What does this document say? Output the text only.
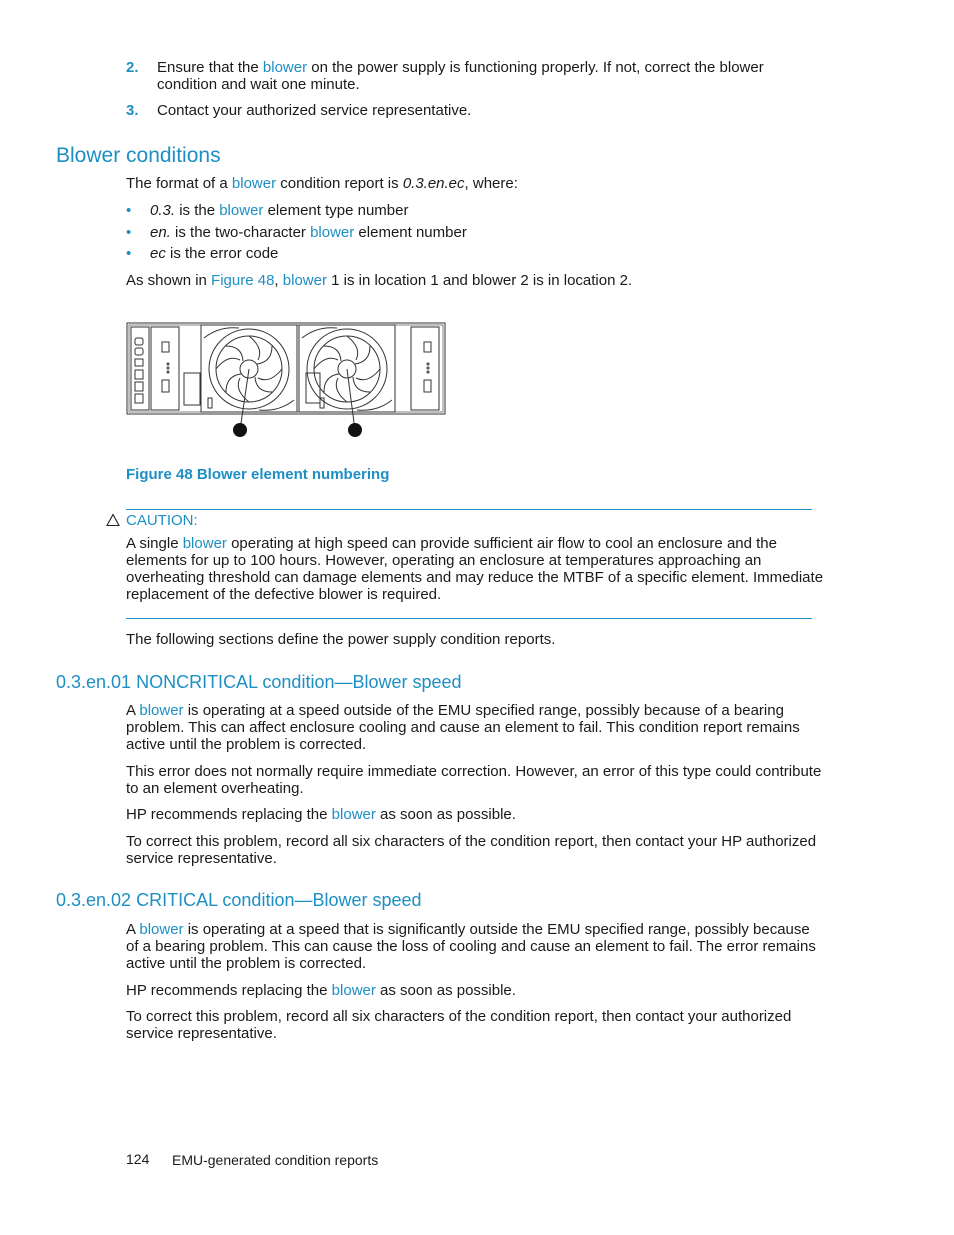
2. Ensure that the blower on the power supply is functioning properly. If not, correct the blower
condition and wait one minute.
3. Contact your authorized service representative.
Blower conditions
The format of a blower condition report is 0.3.en.ec, where:
• 0.3. is the blower element type number
• en. is the two-character blower element number
• ec is the error code
As shown in Figure 48, blower 1 is in location 1 and blower 2 is in location 2.
Figure 48 Blower element numbering
CAUTION:
A single blower operating at high speed can provide sufficient air flow to cool an enclosure and the
elements for up to 100 hours. However, operating an enclosure at temperatures approaching an
overheating threshold can damage elements and may reduce the MTBF of a specific element. Immediate
replacement of the defective blower is required.
The following sections define the power supply condition reports.
0.3.en.01 NONCRITICAL condition—Blower speed
A blower is operating at a speed outside of the EMU specified range, possibly because of a bearing
problem. This can affect enclosure cooling and cause an element to fail. This condition report remains
active until the problem is corrected.
This error does not normally require immediate correction. However, an error of this type could contribute
to an element overheating.
HP recommends replacing the blower as soon as possible.
To correct this problem, record all six characters of the condition report, then contact your HP authorized
service representative.
0.3.en.02 CRITICAL condition—Blower speed
A blower is operating at a speed that is significantly outside the EMU specified range, possibly because
of a bearing problem. This can cause the loss of cooling and cause an element to fail. The error remains
active until the problem is corrected.
HP recommends replacing the blower as soon as possible.
To correct this problem, record all six characters of the condition report, then contact your authorized
service representative.
124 EMU-generated condition reports
